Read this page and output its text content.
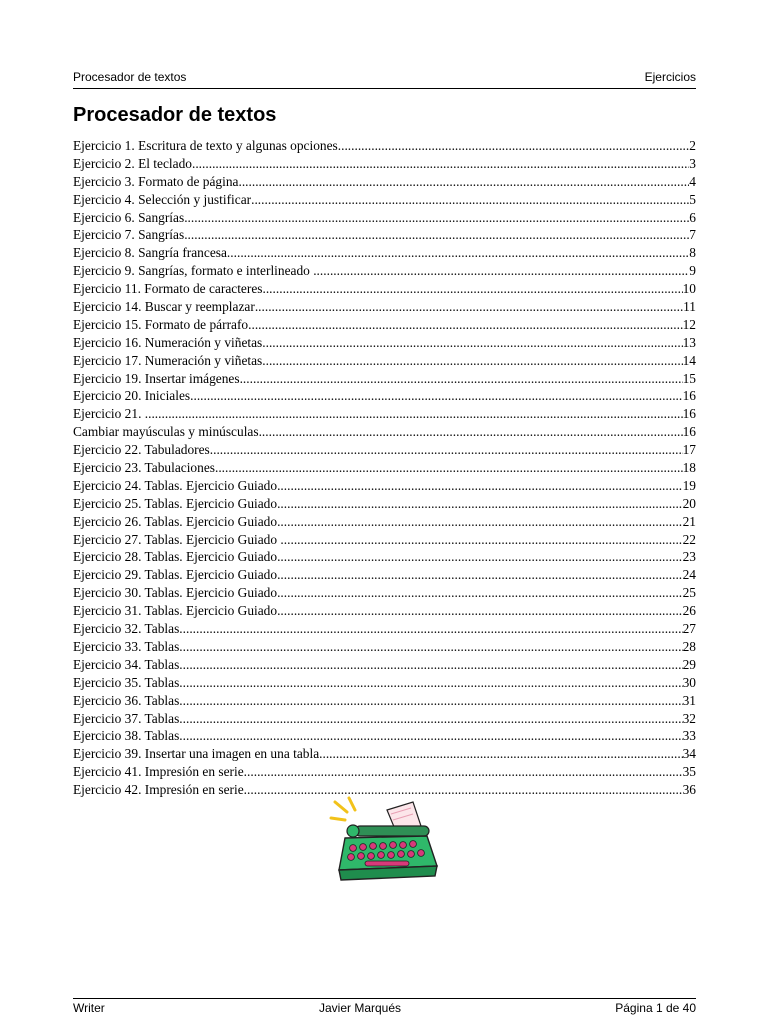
Procesador de textos	Ejercicios
Procesador de textos
Ejercicio 1. Escritura de texto y algunas opciones .....	2
Ejercicio 2. El teclado .....	3
Ejercicio 3. Formato de página .....	4
Ejercicio 4. Selección y justificar .....	5
Ejercicio 6. Sangrías .....	6
Ejercicio 7. Sangrías .....	7
Ejercicio 8. Sangría francesa .....	8
Ejercicio 9. Sangrías, formato e interlineado .....	9
Ejercicio 11. Formato de caracteres .....	10
Ejercicio 14. Buscar y reemplazar .....	11
Ejercicio 15. Formato de párrafo .....	12
Ejercicio 16. Numeración y viñetas .....	13
Ejercicio 17. Numeración y viñetas .....	14
Ejercicio 19. Insertar imágenes .....	15
Ejercicio 20. Iniciales .....	16
Ejercicio 21. .....	16
Cambiar mayúsculas y minúsculas .....	16
Ejercicio 22. Tabuladores .....	17
Ejercicio 23. Tabulaciones .....	18
Ejercicio 24. Tablas. Ejercicio Guiado .....	19
Ejercicio 25. Tablas. Ejercicio Guiado .....	20
Ejercicio 26. Tablas. Ejercicio Guiado .....	21
Ejercicio 27. Tablas. Ejercicio Guiado .....	22
Ejercicio 28. Tablas. Ejercicio Guiado .....	23
Ejercicio 29. Tablas. Ejercicio Guiado .....	24
Ejercicio 30. Tablas. Ejercicio Guiado .....	25
Ejercicio 31. Tablas. Ejercicio Guiado .....	26
Ejercicio 32. Tablas .....	27
Ejercicio 33. Tablas .....	28
Ejercicio 34. Tablas .....	29
Ejercicio 35. Tablas .....	30
Ejercicio 36. Tablas .....	31
Ejercicio 37. Tablas .....	32
Ejercicio 38. Tablas .....	33
Ejercicio 39. Insertar una imagen en una tabla .....	34
Ejercicio 41. Impresión en serie .....	35
Ejercicio 42. Impresión en serie .....	36
Writer	Javier Marqués	Página 1 de 40
